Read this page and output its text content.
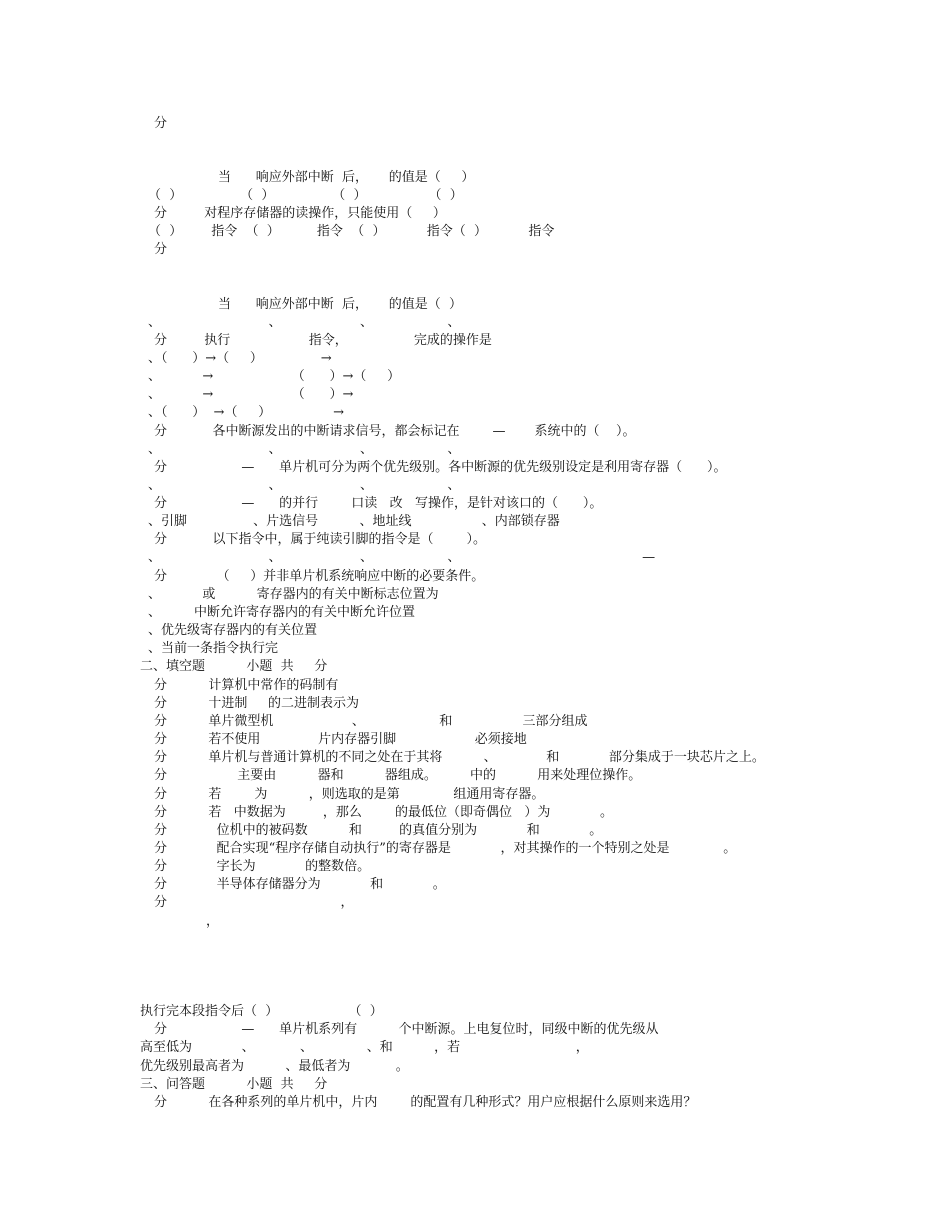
分
当      响应外部中断  后，     的值是（     ）
（  ）              （  ）              （  ）               （  ）
分         对程序存储器的读操作，只能使用（     ）
（  ）       指令  （  ）         指令  （  ）          指令（  ）          指令
分
当      响应外部中断  后，     的值是（  ）
、                          、                   、                  、
分         执行                   指令，                完成的操作是
、（      ）→（     ）              →
、          →                   （      ）→（     ）
、          →                   （      ）→
、（      ）  →（     ）               →
分           各中断源发出的中断请求信号，都会标记在        —       系统中的（    ）。
、                          、                   、                  、
分                  —      单片机可分为两个优先级别。各中断源的优先级别设定是利用寄存器（      ）。
、                          、                   、                  、
分                  —      的并行        口读   改   写操作，是针对该口的（      ）。
、引脚                、片选信号          、地址线                 、内部锁存器
分           以下指令中，属于纯读引脚的指令是（        ）。
、                          、                   、                  、                                            —
分            （     ）并非单片机系统响应中断的必要条件。
、          或          寄存器内的有关中断标志位置为
、        中断允许寄存器内的有关中断允许位置
、优先级寄存器内的有关位置
、当前一条指令执行完
二、填空题          小题  共     分
分          计算机中常作的码制有
分          十进制     的二进制表示为
分          单片微型机                   、                  和                 三部分组成
分          若不使用              片内存器引脚                   必须接地
分          单片机与普通计算机的不同之处在于其将          、            和            部分集成于一块芯片之上。
分                 主要由          器和          器组成。        中的          用来处理位操作。
分          若        为          ，则选取的是第             组通用寄存器。
分          若   中数据为         ，那么        的最低位（即奇偶位   ）为            。
分            位机中的被码数          和         的真值分别为            和            。
分            配合实现“程序存储自动执行”的寄存器是            ，对其操作的一个特别之处是             。
分            字长为            的整数倍。
分            半导体存储器分为            和            。
分                                          ，
，
执行完本段指令后（  ）                 （  ）
分                  —      单片机系列有          个中断源。上电复位时，同级中断的优先级从
高至低为            、           、             、和          ，若                            ，
优先级别最高者为          、最低者为           。
三、问答题          小题  共     分
分          在各种系列的单片机中，片内        的配置有几种形式？用户应根据什么原则来选用？
